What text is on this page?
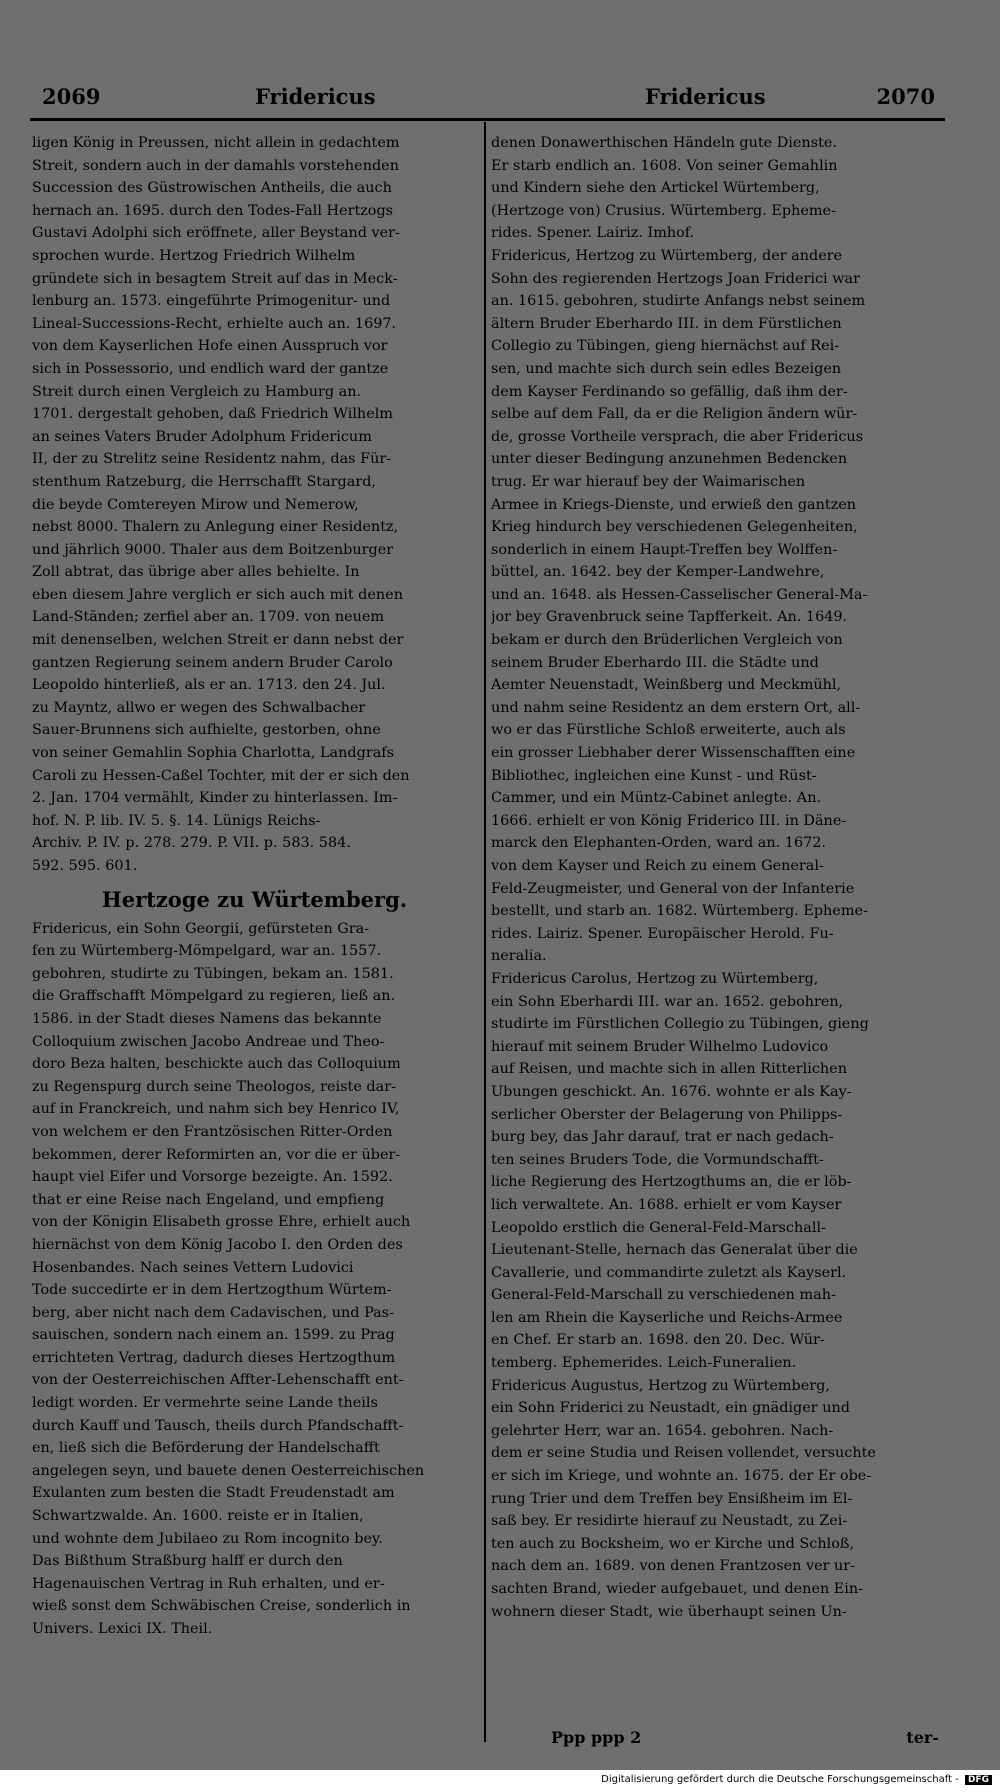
2069	Fridericus	Fridericus	2070
ligen König in Preussen, nicht allein in gedachtem
Streit, sondern auch in der damahls vorstehenden
Succession des Güstrowischen Antheils, die auch
hernach an. 1695. durch den Todes-Fall Hertzogs
Gustavi Adolphi sich eröffnete, aller Beystand ver-
sprochen wurde. Hertzog Friedrich Wilhelm
gründete sich in besagtem Streit auf das in Meck-
lenburg an. 1573. eingeführte Primogenitur- und
Lineal-Successions-Recht, erhielte auch an. 1697.
von dem Kayserlichen Hofe einen Ausspruch vor
sich in Possessorio, und endlich ward der gantze
Streit durch einen Vergleich zu Hamburg an.
1701. dergestalt gehoben, daß Friedrich Wilhelm
an seines Vaters Bruder Adolphum Fridericum
II, der zu Strelitz seine Residentz nahm, das Für-
stenthum Ratzeburg, die Herrschafft Stargard,
die beyde Comtereyen Mirow und Nemerow,
nebst 8000. Thalern zu Anlegung einer Residentz,
und jährlich 9000. Thaler aus dem Boitzenburger
Zoll abtrat, das übrige aber alles behielte. In
eben diesem Jahre verglich er sich auch mit denen
Land-Ständen; zerfiel aber an. 1709. von neuem
mit denenselben, welchen Streit er dann nebst der
gantzen Regierung seinem andern Bruder Carolo
Leopoldo hinterließ, als er an. 1713. den 24. Jul.
zu Mayntz, allwo er wegen des Schwalbacher
Sauer-Brunnens sich aufhielte, gestorben, ohne
von seiner Gemahlin Sophia Charlotta, Landgrafs
Caroli zu Hessen-Caßel Tochter, mit der er sich den
2. Jan. 1704 vermählt, Kinder zu hinterlassen. Im-
hof. N. P. lib. IV. 5. §. 14. Lünigs Reichs-
Archiv. P. IV. p. 278. 279. P. VII. p. 583. 584.
592. 595. 601.
Hertzoge zu Würtemberg.
Fridericus, ein Sohn Georgii, gefürsteten Gra-
fen zu Würtemberg-Mömpelgard, war an. 1557.
gebohren, studirte zu Tübingen, bekam an. 1581.
die Graffschafft Mömpelgard zu regieren, ließ an.
1586. in der Stadt dieses Namens das bekannte
Colloquium zwischen Jacobo Andreae und Theo-
doro Beza halten, beschickte auch das Colloquium
zu Regenspurg durch seine Theologos, reiste dar-
auf in Franckreich, und nahm sich bey Henrico IV,
von welchem er den Frantzösischen Ritter-Orden
bekommen, derer Reformirten an, vor die er über-
haupt viel Eifer und Vorsorge bezeigte. An. 1592.
that er eine Reise nach Engeland, und empfieng
von der Königin Elisabeth grosse Ehre, erhielt auch
hiernächst von dem König Jacobo I. den Orden des
Hosenbandes. Nach seines Vettern Ludovici
Tode succedirte er in dem Hertzogthum Würtem-
berg, aber nicht nach dem Cadavischen, und Pas-
sauischen, sondern nach einem an. 1599. zu Prag
errichteten Vertrag, dadurch dieses Hertzogthum
von der Oesterreichischen Affter-Lehenschafft ent-
ledigt worden. Er vermehrte seine Lande theils
durch Kauff und Tausch, theils durch Pfandschafft-
en, ließ sich die Beförderung der Handelschafft
angelegen seyn, und bauete denen Oesterreichischen
Exulanten zum besten die Stadt Freudenstadt am
Schwartzwalde. An. 1600. reiste er in Italien,
und wohnte dem Jubilaeo zu Rom incognito bey.
Das Bißthum Straßburg halff er durch den
Hagenauischen Vertrag in Ruh erhalten, und er-
wieß sonst dem Schwäbischen Creise, sonderlich in
Univers. Lexici IX. Theil.
denen Donawerthischen Händeln gute Dienste.
Er starb endlich an. 1608. Von seiner Gemahlin
und Kindern siehe den Artickel Würtemberg,
(Hertzoge von) Crusius. Würtemberg. Epheme-
rides. Spener. Lairiz. Imhof.
Fridericus, Hertzog zu Würtemberg, der andere
Sohn des regierenden Hertzogs Joan Friderici war
an. 1615. gebohren, studirte Anfangs nebst seinem
ältern Bruder Eberhardo III. in dem Fürstlichen
Collegio zu Tübingen, gieng hiernächst auf Rei-
sen, und machte sich durch sein edles Bezeigen
dem Kayser Ferdinando so gefällig, daß ihm der-
selbe auf dem Fall, da er die Religion ändern wür-
de, grosse Vortheile versprach, die aber Fridericus
unter dieser Bedingung anzunehmen Bedencken
trug. Er war hierauf bey der Waimarischen
Armee in Kriegs-Dienste, und erwieß den gantzen
Krieg hindurch bey verschiedenen Gelegenheiten,
sonderlich in einem Haupt-Treffen bey Wolffen-
büttel, an. 1642. bey der Kemper-Landwehre,
und an. 1648. als Hessen-Casselischer General-Ma-
jor bey Gravenbruck seine Tapfferkeit. An. 1649.
bekam er durch den Brüderlichen Vergleich von
seinem Bruder Eberhardo III. die Städte und
Aemter Neuenstadt, Weinßberg und Meckmühl,
und nahm seine Residentz an dem erstern Ort, all-
wo er das Fürstliche Schloß erweiterte, auch als
ein grosser Liebhaber derer Wissenschafften eine
Bibliothec, ingleichen eine Kunst - und Rüst-
Cammer, und ein Müntz-Cabinet anlegte. An.
1666. erhielt er von König Friderico III. in Däne-
marck den Elephanten-Orden, ward an. 1672.
von dem Kayser und Reich zu einem General-
Feld-Zeugmeister, und General von der Infanterie
bestellt, und starb an. 1682. Würtemberg. Epheme-
rides. Lairiz. Spener. Europäischer Herold. Fu-
neralia.
Fridericus Carolus, Hertzog zu Würtemberg,
ein Sohn Eberhardi III. war an. 1652. gebohren,
studirte im Fürstlichen Collegio zu Tübingen, gieng
hierauf mit seinem Bruder Wilhelmo Ludovico
auf Reisen, und machte sich in allen Ritterlichen
Ubungen geschickt. An. 1676. wohnte er als Kay-
serlicher Oberster der Belagerung von Philipps-
burg bey, das Jahr darauf, trat er nach gedach-
ten seines Bruders Tode, die Vormundschafft-
liche Regierung des Hertzogthums an, die er löb-
lich verwaltete. An. 1688. erhielt er vom Kayser
Leopoldo erstlich die General-Feld-Marschall-
Lieutenant-Stelle, hernach das Generalat über die
Cavallerie, und commandirte zuletzt als Kayserl.
General-Feld-Marschall zu verschiedenen mah-
len am Rhein die Kayserliche und Reichs-Armee
en Chef. Er starb an. 1698. den 20. Dec. Wür-
temberg. Ephemerides. Leich-Funeralien.
Fridericus Augustus, Hertzog zu Würtemberg,
ein Sohn Friderici zu Neustadt, ein gnädiger und
gelehrter Herr, war an. 1654. gebohren. Nach-
dem er seine Studia und Reisen vollendet, versuchte
er sich im Kriege, und wohnte an. 1675. der Er obe-
rung Trier und dem Treffen bey Ensißheim im El-
saß bey. Er residirte hierauf zu Neustadt, zu Zei-
ten auch zu Bocksheim, wo er Kirche und Schloß,
nach dem an. 1689. von denen Frantzosen ver ur-
sachten Brand, wieder aufgebauet, und denen Ein-
wohnern dieser Stadt, wie überhaupt seinen Un-
Ppp ppp 2	ter-
Digitalisierung gefördert durch die Deutsche Forschungsgemeinschaft - DFG
